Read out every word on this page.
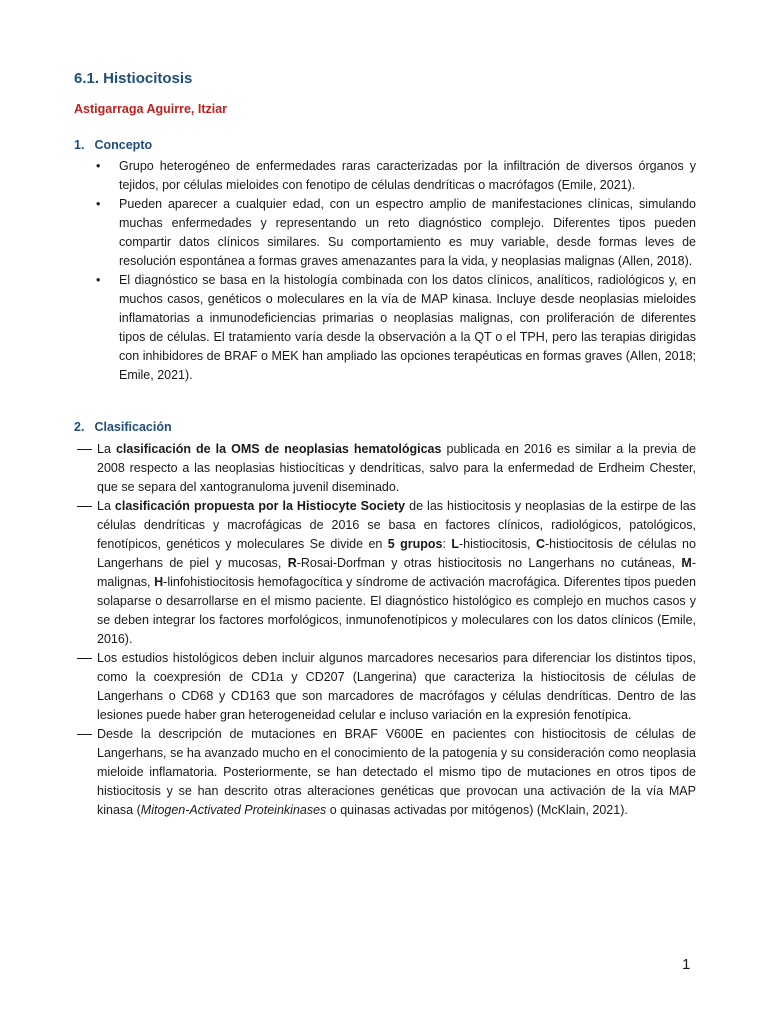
6.1. Histiocitosis

Astigarraga Aguirre, Itziar

1. Concepto
• Grupo heterogéneo de enfermedades raras caracterizadas por la infiltración de diversos órganos y tejidos, por células mieloides con fenotipo de células dendríticas o macrófagos (Emile, 2021).
• Pueden aparecer a cualquier edad, con un espectro amplio de manifestaciones clínicas, simulando muchas enfermedades y representando un reto diagnóstico complejo. Diferentes tipos pueden compartir datos clínicos similares. Su comportamiento es muy variable, desde formas leves de resolución espontánea a formas graves amenazantes para la vida, y neoplasias malignas (Allen, 2018).
• El diagnóstico se basa en la histología combinada con los datos clínicos, analíticos, radiológicos y, en muchos casos, genéticos o moleculares en la vía de MAP kinasa. Incluye desde neoplasias mieloides inflamatorias a inmunodeficiencias primarias o neoplasias malignas, con proliferación de diferentes tipos de células. El tratamiento varía desde la observación a la QT o el TPH, pero las terapias dirigidas con inhibidores de BRAF o MEK han ampliado las opciones terapéuticas en formas graves (Allen, 2018; Emile, 2021).
2. Clasificación
La clasificación de la OMS de neoplasias hematológicas publicada en 2016 es similar a la previa de 2008 respecto a las neoplasias histiocíticas y dendríticas, salvo para la enfermedad de Erdheim Chester, que se separa del xantogranuloma juvenil diseminado.
La clasificación propuesta por la Histiocyte Society de las histiocitosis y neoplasias de la estirpe de las células dendríticas y macrofágicas de 2016 se basa en factores clínicos, radiológicos, patológicos, fenotípicos, genéticos y moleculares Se divide en 5 grupos: L-histiocitosis, C-histiocitosis de células no Langerhans de piel y mucosas, R-Rosai-Dorfman y otras histiocitosis no Langerhans no cutáneas, M-malignas, H-linfohistiocitosis hemofagocítica y síndrome de activación macrofágica. Diferentes tipos pueden solaparse o desarrollarse en el mismo paciente. El diagnóstico histológico es complejo en muchos casos y se deben integrar los factores morfológicos, inmunofenotípicos y moleculares con los datos clínicos (Emile, 2016).
Los estudios histológicos deben incluir algunos marcadores necesarios para diferenciar los distintos tipos, como la coexpresión de CD1a y CD207 (Langerina) que caracteriza la histiocitosis de células de Langerhans o CD68 y CD163 que son marcadores de macrófagos y células dendríticas. Dentro de las lesiones puede haber gran heterogeneidad celular e incluso variación en la expresión fenotípica.
Desde la descripción de mutaciones en BRAF V600E en pacientes con histiocitosis de células de Langerhans, se ha avanzado mucho en el conocimiento de la patogenia y su consideración como neoplasia mieloide inflamatoria. Posteriormente, se han detectado el mismo tipo de mutaciones en otros tipos de histiocitosis y se han descrito otras alteraciones genéticas que provocan una activación de la vía MAP kinasa (Mitogen-Activated Proteinkinases o quinasas activadas por mitógenos) (McKlain, 2021).
1
